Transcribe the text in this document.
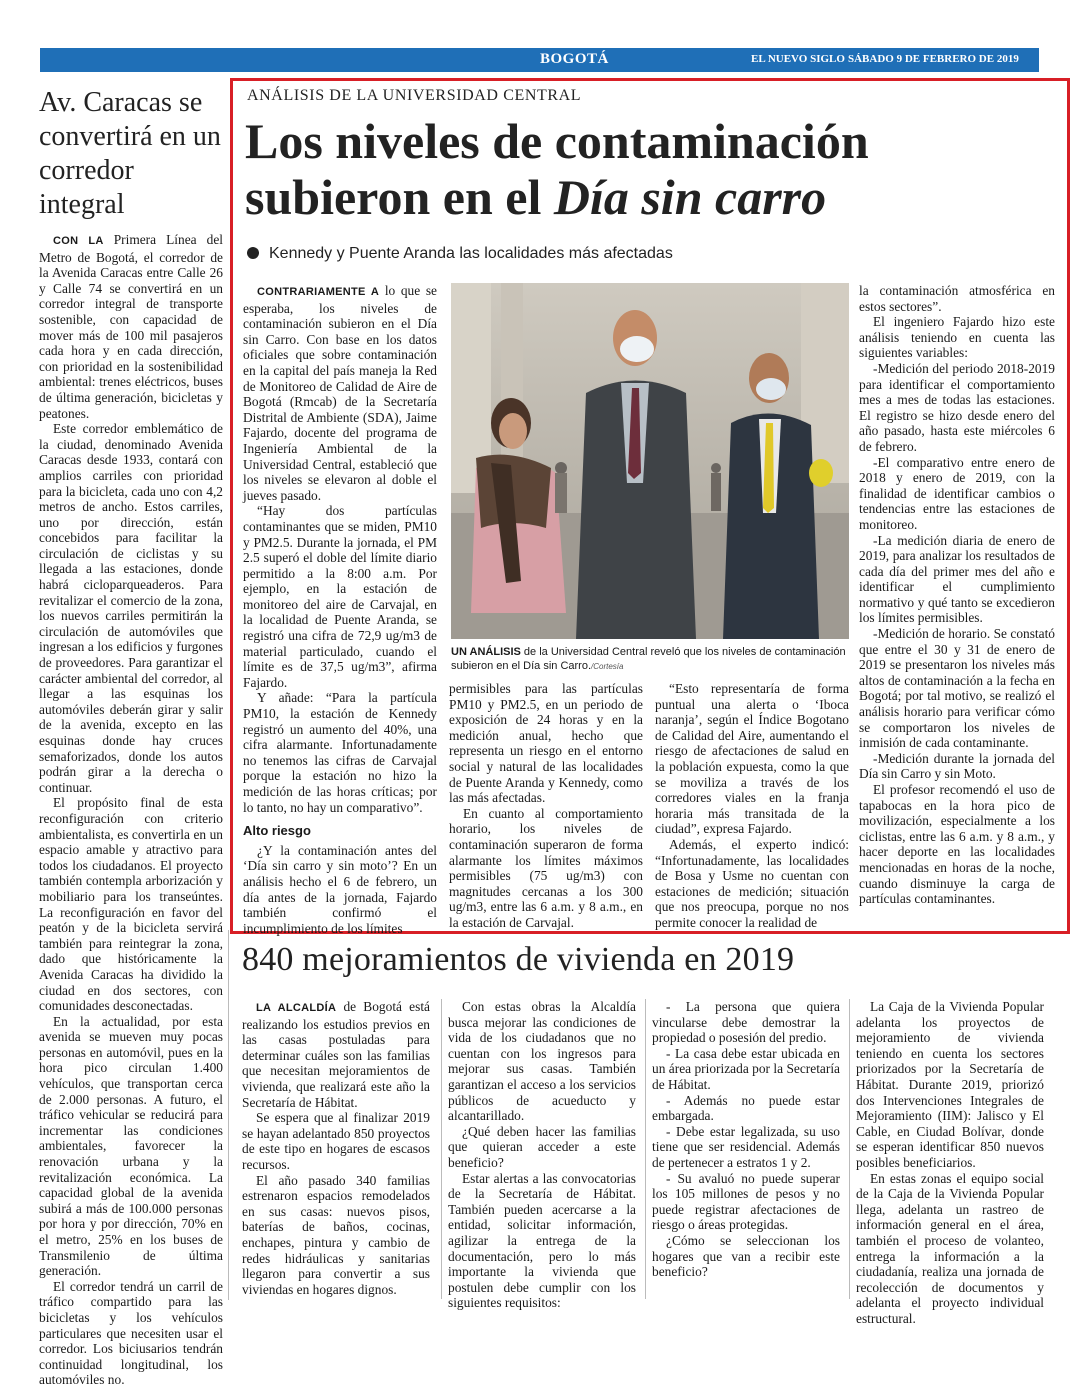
BOGOTÁ	EL NUEVO SIGLO SÁBADO 9 DE FEBRERO DE 2019 17A
Av. Caracas se convertirá en un corredor integral

CON LA Primera Línea del Metro de Bogotá, el corredor de la Avenida Caracas entre Calle 26 y Calle 74 se convertirá en un corredor integral de transporte sostenible, con capacidad de mover más de 100 mil pasajeros cada hora y en cada dirección, con prioridad en la sostenibilidad ambiental: trenes eléctricos, buses de última generación, bicicletas y peatones.

Este corredor emblemático de la ciudad, denominado Avenida Caracas desde 1933, contará con amplios carriles con prioridad para la bicicleta, cada uno con 4,2 metros de ancho. Estos carriles, uno por dirección, están concebidos para facilitar la circulación de ciclistas y su llegada a las estaciones, donde habrá cicloparqueaderos. Para revitalizar el comercio de la zona, los nuevos carriles permitirán la circulación de automóviles que ingresan a los edificios y furgones de proveedores. Para garantizar el carácter ambiental del corredor, al llegar a las esquinas los automóviles deberán girar y salir de la avenida, excepto en las esquinas donde hay cruces semaforizados, donde los autos podrán girar a la derecha o continuar.

El propósito final de esta reconfiguración con criterio ambientalista, es convertirla en un espacio amable y atractivo para todos los ciudadanos. El proyecto también contempla arborización y mobiliario para los transeúntes. La reconfiguración en favor del peatón y de la bicicleta servirá también para reintegrar la zona, dado que históricamente la Avenida Caracas ha dividido la ciudad en dos sectores, con comunidades desconectadas.

En la actualidad, por esta avenida se mueven muy pocas personas en automóvil, pues en la hora pico circulan 1.400 vehículos, que transportan cerca de 2.000 personas. A futuro, el tráfico vehicular se reducirá para incrementar las condiciones ambientales, favorecer la renovación urbana y la revitalización económica. La capacidad global de la avenida subirá a más de 100.000 personas por hora y por dirección, 70% en el metro, 25% en los buses de Transmilenio de última generación.

El corredor tendrá un carril de tráfico compartido para las bicicletas y los vehículos particulares que necesiten usar el corredor. Los biciusarios tendrán continuidad longitudinal, los automóviles no.

ANÁLISIS DE LA UNIVERSIDAD CENTRAL
Los niveles de contaminación
subieron en el Día sin carro
Kennedy y Puente Aranda las localidades más afectadas

CONTRARIAMENTE A lo que se esperaba, los niveles de contaminación subieron en el Día sin Carro. Con base en los datos oficiales que sobre contaminación en la capital del país maneja la Red de Monitoreo de Calidad de Aire de Bogotá (Rmcab) de la Secretaría Distrital de Ambiente (SDA), Jaime Fajardo, docente del programa de Ingeniería Ambiental de la Universidad Central, estableció que los niveles se elevaron al doble el jueves pasado.

“Hay dos partículas contaminantes que se miden, PM10 y PM2.5. Durante la jornada, el PM 2.5 superó el doble del límite diario permitido a la 8:00 a.m. Por ejemplo, en la estación de monitoreo del aire de Carvajal, en la localidad de Puente Aranda, se registró una cifra de 72,9 ug/m3 de material particulado, cuando el límite es de 37,5 ug/m3”, afirma Fajardo.

Y añade: “Para la partícula PM10, la estación de Kennedy registró un aumento del 40%, una cifra alarmante. Infortunadamente no tenemos las cifras de Carvajal porque la estación no hizo la medición de las horas críticas; por lo tanto, no hay un comparativo”.

Alto riesgo

¿Y la contaminación antes del ‘Día sin carro y sin moto’? En un análisis hecho el 6 de febrero, un día antes de la jornada, Fajardo también confirmó el incumplimiento de los límites

UN ANÁLISIS de la Universidad Central reveló que los niveles de contaminación subieron en el Día sin Carro./Cortesía

permisibles para las partículas PM10 y PM2.5, en un periodo de exposición de 24 horas y en la medición anual, hecho que representa un riesgo en el entorno social y natural de las localidades de Puente Aranda y Kennedy, como las más afectadas.

En cuanto al comportamiento horario, los niveles de contaminación superaron de forma alarmante los límites máximos permisibles (75 ug/m3) con magnitudes cercanas a los 300 ug/m3, entre las 6 a.m. y 8 a.m., en la estación de Carvajal.

“Esto representaría de forma puntual una alerta o ‘Iboca naranja’, según el Índice Bogotano de Calidad del Aire, aumentando el riesgo de afectaciones de salud en la población expuesta, como la que se moviliza a través de los corredores viales en la franja horaria más transitada de la ciudad”, expresa Fajardo.

Además, el experto indicó: “Infortunadamente, las localidades de Bosa y Usme no cuentan con estaciones de medición; situación que nos preocupa, porque no nos permite conocer la realidad de

la contaminación atmosférica en estos sectores”.

El ingeniero Fajardo hizo este análisis teniendo en cuenta las siguientes variables:

-Medición del periodo 2018-2019 para identificar el comportamiento mes a mes de todas las estaciones. El registro se hizo desde enero del año pasado, hasta este miércoles 6 de febrero.

-El comparativo entre enero de 2018 y enero de 2019, con la finalidad de identificar cambios o tendencias entre las estaciones de monitoreo.

-La medición diaria de enero de 2019, para analizar los resultados de cada día del primer mes del año e identificar el cumplimiento normativo y qué tanto se excedieron los límites permisibles.

-Medición de horario. Se constató que entre el 30 y 31 de enero de 2019 se presentaron los niveles más altos de contaminación a la fecha en Bogotá; por tal motivo, se realizó el análisis horario para verificar cómo se comportaron los niveles de inmisión de cada contaminante.

-Medición durante la jornada del Día sin Carro y sin Moto.

El profesor recomendó el uso de tapabocas en la hora pico de movilización, especialmente a los ciclistas, entre las 6 a.m. y 8 a.m., y hacer deporte en las localidades mencionadas en horas de la noche, cuando disminuye la carga de partículas contaminantes.

840 mejoramientos de vivienda en 2019

LA ALCALDÍA de Bogotá está realizando los estudios previos en las casas postuladas para determinar cuáles son las familias que necesitan mejoramientos de vivienda, que realizará este año la Secretaría de Hábitat.

Se espera que al finalizar 2019 se hayan adelantado 850 proyectos de este tipo en hogares de escasos recursos.

El año pasado 340 familias estrenaron espacios remodelados en sus casas: nuevos pisos, baterías de baños, cocinas, enchapes, pintura y cambio de redes hidráulicas y sanitarias llegaron para convertir a sus viviendas en hogares dignos.

Con estas obras la Alcaldía busca mejorar las condiciones de vida de los ciudadanos que no cuentan con los ingresos para mejorar sus casas. También garantizan el acceso a los servicios públicos de acueducto y alcantarillado.

¿Qué deben hacer las familias que quieran acceder a este beneficio?

Estar alertas a las convocatorias de la Secretaría de Hábitat. También pueden acercarse a la entidad, solicitar información, agilizar la entrega de la documentación, pero lo más importante la vivienda que postulen debe cumplir con los siguientes requisitos:

- La persona que quiera vincularse debe demostrar la propiedad o posesión del predio.

- La casa debe estar ubicada en un área priorizada por la Secretaría de Hábitat.

- Además no puede estar embargada.

- Debe estar legalizada, su uso tiene que ser residencial. Además de pertenecer a estratos 1 y 2.

- Su avaluó no puede superar los 105 millones de pesos y no puede registrar afectaciones de riesgo o áreas protegidas.

¿Cómo se seleccionan los hogares que van a recibir este beneficio?

La Caja de la Vivienda Popular adelanta los proyectos de mejoramiento de vivienda teniendo en cuenta los sectores priorizados por la Secretaría de Hábitat. Durante 2019, priorizó dos Intervenciones Integrales de Mejoramiento (IIM): Jalisco y El Cable, en Ciudad Bolívar, donde se esperan identificar 850 nuevos posibles beneficiarios.

En estas zonas el equipo social de la Caja de la Vivienda Popular llega, adelanta un rastreo de información general en el área, también el proceso de volanteo, entrega la información a la ciudadanía, realiza una jornada de recolección de documentos y adelanta el proyecto individual estructural.
